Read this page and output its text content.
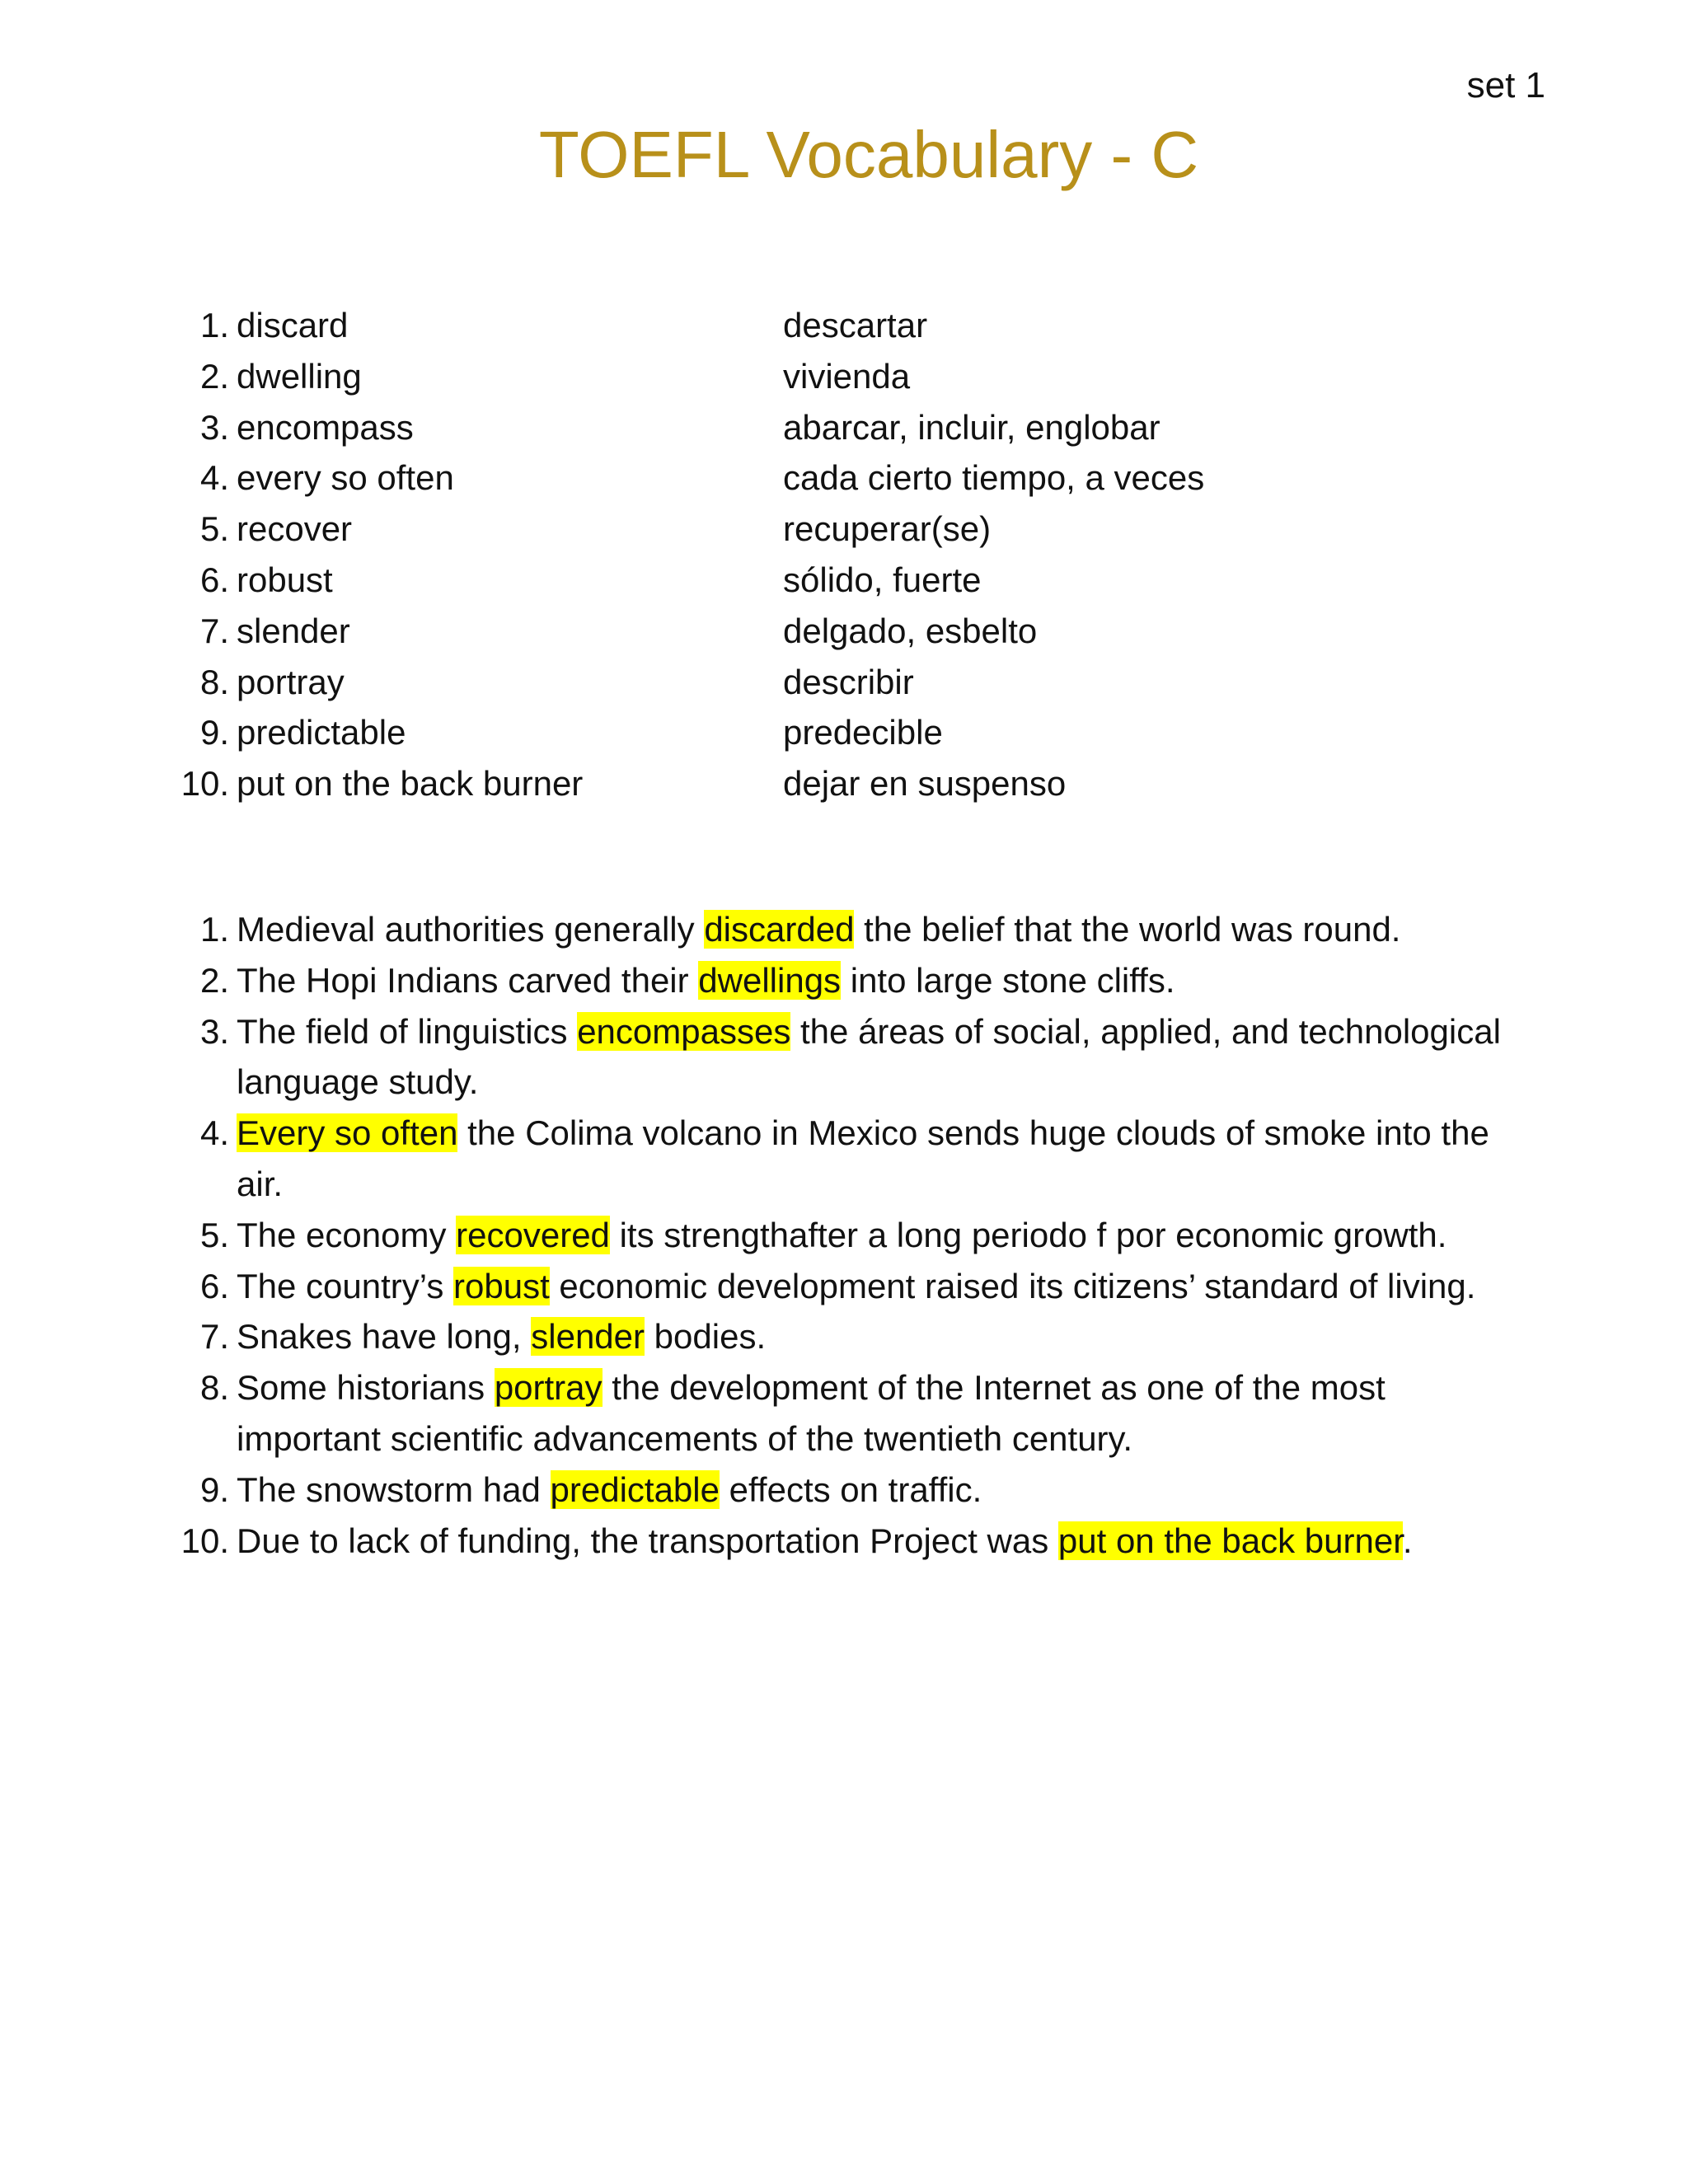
set 1
TOEFL Vocabulary - C
1. discard	descartar
2. dwelling	vivienda
3. encompass	abarcar, incluir, englobar
4. every so often	cada cierto tiempo, a veces
5. recover	recuperar(se)
6. robust	sólido, fuerte
7. slender	delgado, esbelto
8. portray	describir
9. predictable	predecible
10. put on the back burner	dejar en suspenso
1. Medieval authorities generally discarded the belief that the world was round.
2. The Hopi Indians carved their dwellings into large stone cliffs.
3. The field of linguistics encompasses the áreas of social, applied, and technological
language study.
4. Every so often the Colima volcano in Mexico sends huge clouds of smoke into the
air.
5. The economy recovered its strengthafter a long periodo f por economic growth.
6. The country’s robust economic development raised its citizens’ standard of living.
7. Snakes have long, slender bodies.
8. Some historians portray the development of the Internet as one of the most
important scientific advancements of the twentieth century.
9. The snowstorm had predictable effects on traffic.
10. Due to lack of funding, the transportation Project was put on the back burner.
